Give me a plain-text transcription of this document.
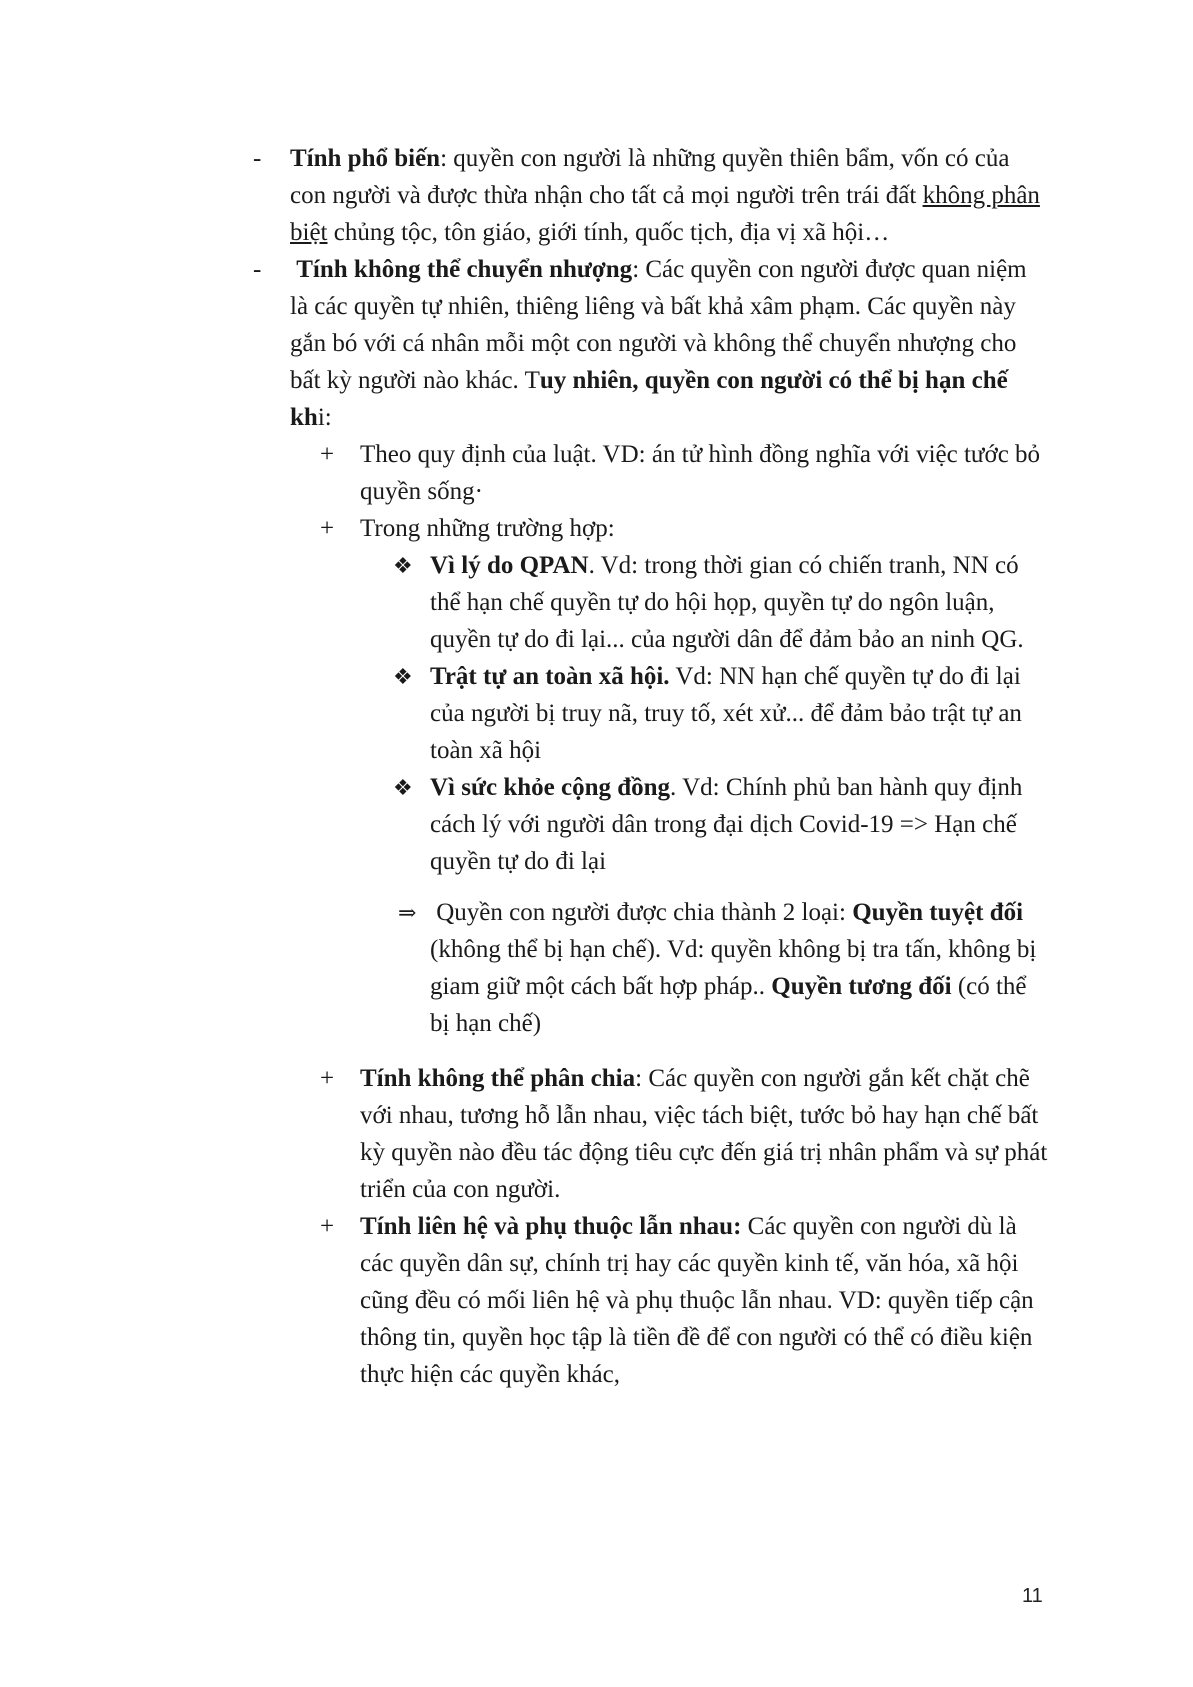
- Tính phổ biến: quyền con người là những quyền thiên bẩm, vốn có của con người và được thừa nhận cho tất cả mọi người trên trái đất không phân biệt chủng tộc, tôn giáo, giới tính, quốc tịch, địa vị xã hội…

- Tính không thể chuyển nhượng: Các quyền con người được quan niệm là các quyền tự nhiên, thiêng liêng và bất khả xâm phạm. Các quyền này gắn bó với cá nhân mỗi một con người và không thể chuyển nhượng cho bất kỳ người nào khác. Tuy nhiên, quyền con người có thể bị hạn chế khi:

+ Theo quy định của luật. VD: án tử hình đồng nghĩa với việc tước bỏ quyền sống·

+ Trong những trường hợp:

❖ Vì lý do QPAN. Vd: trong thời gian có chiến tranh, NN có thể hạn chế quyền tự do hội họp, quyền tự do ngôn luận, quyền tự do đi lại... của người dân để đảm bảo an ninh QG.

❖ Trật tự an toàn xã hội. Vd: NN hạn chế quyền tự do đi lại của người bị truy nã, truy tố, xét xử... để đảm bảo trật tự an toàn xã hội

❖ Vì sức khỏe cộng đồng. Vd: Chính phủ ban hành quy định cách lý với người dân trong đại dịch Covid-19 => Hạn chế quyền tự do đi lại

⇒ Quyền con người được chia thành 2 loại: Quyền tuyệt đối (không thể bị hạn chế). Vd: quyền không bị tra tấn, không bị giam giữ một cách bất hợp pháp.. Quyền tương đối (có thể bị hạn chế)

+ Tính không thể phân chia: Các quyền con người gắn kết chặt chẽ với nhau, tương hỗ lẫn nhau, việc tách biệt, tước bỏ hay hạn chế bất kỳ quyền nào đều tác động tiêu cực đến giá trị nhân phẩm và sự phát triển của con người.

+ Tính liên hệ và phụ thuộc lẫn nhau: Các quyền con người dù là các quyền dân sự, chính trị hay các quyền kinh tế, văn hóa, xã hội cũng đều có mối liên hệ và phụ thuộc lẫn nhau. VD: quyền tiếp cận thông tin, quyền học tập là tiền đề để con người có thể có điều kiện thực hiện các quyền khác,

11
